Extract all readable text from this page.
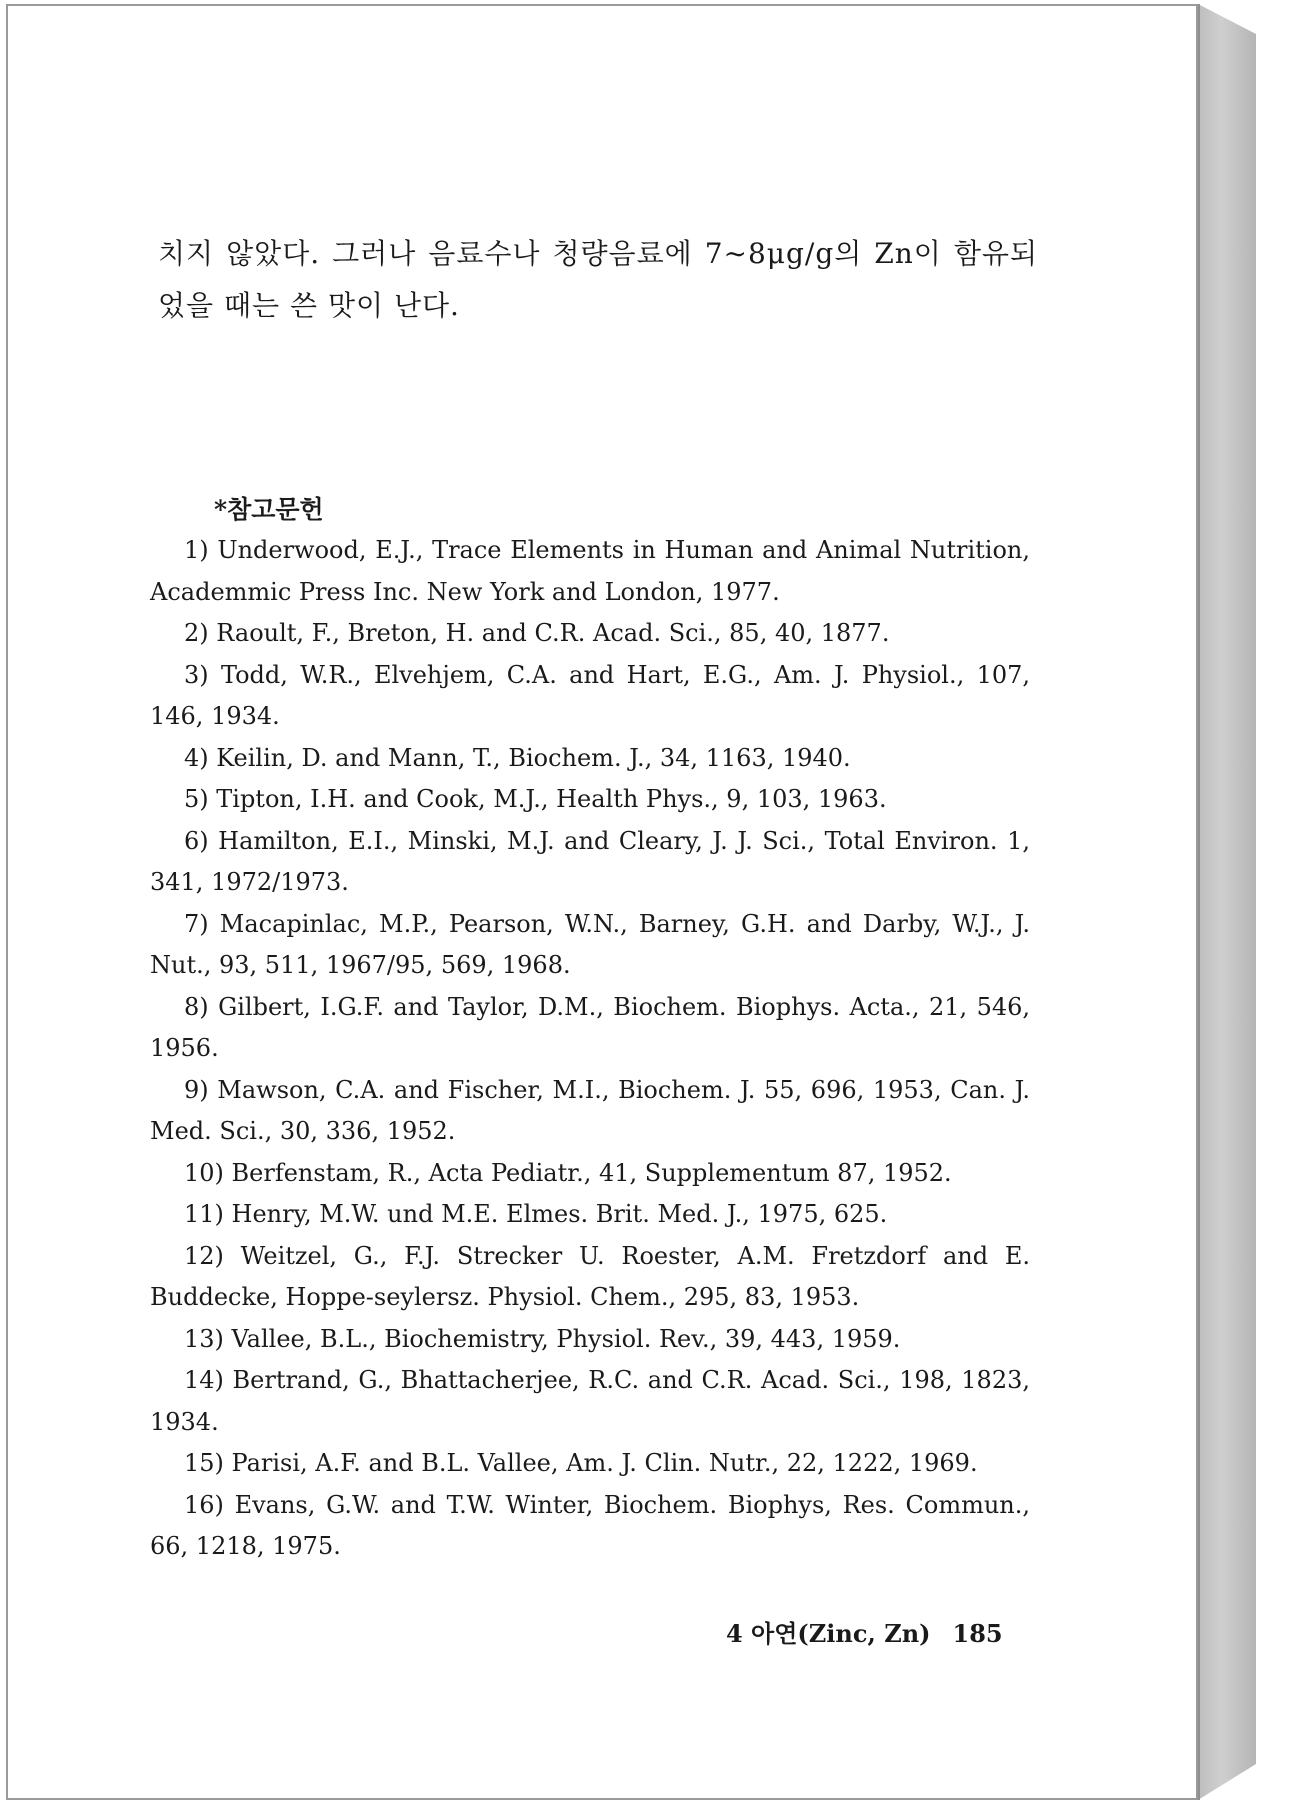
치지 않았다. 그러나 음료수나 청량음료에 7∼8μg/g의 Zn이 함유되었을 때는 쓴 맛이 난다.

*참고문헌

1) Underwood, E.J., Trace Elements in Human and Animal Nutrition, Academmic Press Inc. New York and London, 1977.
2) Raoult, F., Breton, H. and C.R. Acad. Sci., 85, 40, 1877.
3) Todd, W.R., Elvehjem, C.A. and Hart, E.G., Am. J. Physiol., 107, 146, 1934.
4) Keilin, D. and Mann, T., Biochem. J., 34, 1163, 1940.
5) Tipton, I.H. and Cook, M.J., Health Phys., 9, 103, 1963.
6) Hamilton, E.I., Minski, M.J. and Cleary, J. J. Sci., Total Environ. 1, 341, 1972/1973.
7) Macapinlac, M.P., Pearson, W.N., Barney, G.H. and Darby, W.J., J. Nut., 93, 511, 1967/95, 569, 1968.
8) Gilbert, I.G.F. and Taylor, D.M., Biochem. Biophys. Acta., 21, 546, 1956.
9) Mawson, C.A. and Fischer, M.I., Biochem. J. 55, 696, 1953, Can. J. Med. Sci., 30, 336, 1952.
10) Berfenstam, R., Acta Pediatr., 41, Supplementum 87, 1952.
11) Henry, M.W. und M.E. Elmes. Brit. Med. J., 1975, 625.
12) Weitzel, G., F.J. Strecker U. Roester, A.M. Fretzdorf and E. Buddecke, Hoppe-seylersz. Physiol. Chem., 295, 83, 1953.
13) Vallee, B.L., Biochemistry, Physiol. Rev., 39, 443, 1959.
14) Bertrand, G., Bhattacherjee, R.C. and C.R. Acad. Sci., 198, 1823, 1934.
15) Parisi, A.F. and B.L. Vallee, Am. J. Clin. Nutr., 22, 1222, 1969.
16) Evans, G.W. and T.W. Winter, Biochem. Biophys, Res. Commun., 66, 1218, 1975.
4 아연(Zinc, Zn) 185
